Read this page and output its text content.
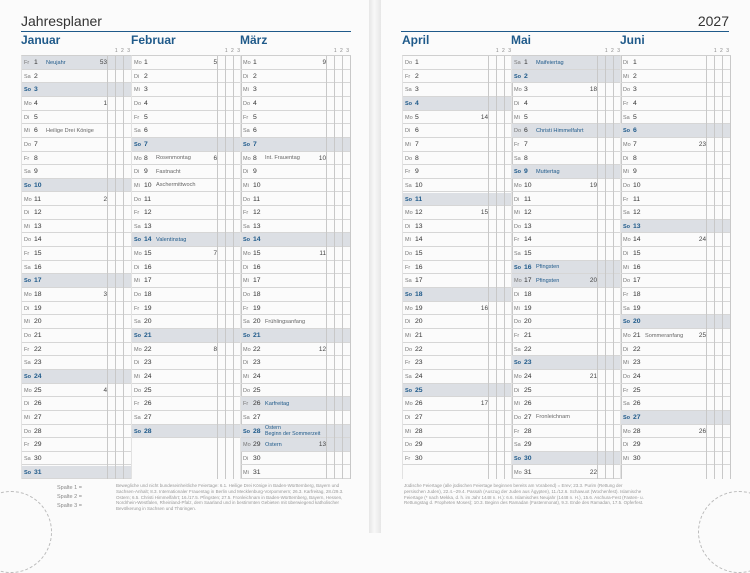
Jahresplaner	2027
Januar
1 2 3
Fr 1 Neujahr	53
Sa 2
So 3
Mo 4	1
Di 5
Mi 6 Heilige Drei Könige
Do 7
Fr 8
Sa 9
So 10
Mo 11	2
Di 12
Mi 13
Do 14
Fr 15
Sa 16
So 17
Mo 18	3
Di 19
Mi 20
Do 21
Fr 22
Sa 23
So 24
Mo 25	4
Di 26
Mi 27
Do 28
Fr 29
Sa 30
So 31
Februar
1 2 3
Mo 1	5
Di 2
Mi 3
Do 4
Fr 5
Sa 6
So 7
Mo 8 Rosenmontag	6
Di 9 Fastnacht
Mi 10 Aschermittwoch
Do 11
Fr 12
Sa 13
So 14 Valentinstag
Mo 15	7
Di 16
Mi 17
Do 18
Fr 19
Sa 20
So 21
Mo 22	8
Di 23
Mi 24
Do 25
Fr 26
Sa 27
So 28
März
1 2 3
Mo 1	9
Di 2
Mi 3
Do 4
Fr 5
Sa 6
So 7
Mo 8 Int. Frauentag	10
Di 9
Mi 10
Do 11
Fr 12
Sa 13
So 14
Mo 15	11
Di 16
Mi 17
Do 18
Fr 19
Sa 20 Frühlingsanfang
So 21
Mo 22	12
Di 23
Mi 24
Do 25
Fr 26 Karfreitag
Sa 27
So 28 Ostern
Beginn der Sommerzeit
Mo 29 Ostern	13
Di 30
Mi 31
April
1 2 3
Do 1
Fr 2
Sa 3
So 4
Mo 5	14
Di 6
Mi 7
Do 8
Fr 9
Sa 10
So 11
Mo 12	15
Di 13
Mi 14
Do 15
Fr 16
Sa 17
So 18
Mo 19	16
Di 20
Mi 21
Do 22
Fr 23
Sa 24
So 25
Mo 26	17
Di 27
Mi 28
Do 29
Fr 30
Mai
1 2 3
Sa 1 Maifeiertag
So 2
Mo 3	18
Di 4
Mi 5
Do 6 Christi Himmelfahrt
Fr 7
Sa 8
So 9 Muttertag
Mo 10	19
Di 11
Mi 12
Do 13
Fr 14
Sa 15
So 16 Pfingsten
Mo 17 Pfingsten	20
Di 18
Mi 19
Do 20
Fr 21
Sa 22
So 23
Mo 24	21
Di 25
Mi 26
Do 27 Fronleichnam
Fr 28
Sa 29
So 30
Mo 31	22
Juni
1 2 3
Di 1
Mi 2
Do 3
Fr 4
Sa 5
So 6
Mo 7	23
Di 8
Mi 9
Do 10
Fr 11
Sa 12
So 13
Mo 14	24
Di 15
Mi 16
Do 17
Fr 18
Sa 19
So 20
Mo 21 Sommeranfang 25
Di 22
Mi 23
Do 24
Fr 25
Sa 26
So 27
Mo 28	26
Di 29
Mi 30
Spalte 1 =
Spalte 2 =
Spalte 3 =
Bewegliche und nicht bundeseinheitliche Feiertage: 6.1. Heilige Drei Könige in Baden-Württemberg, Bayern und Sachsen-Anhalt; 8.3. Internationaler Frauentag in Berlin und Mecklenburg-Vorpommern; 26.3. Karfreitag, 28./29.3. Ostern; 6.5. Christi Himmelfahrt; 16./17.5. Pfingsten; 27.5. Fronleichnam in Baden-Württemberg, Bayern, Hessen, Nordrhein-Westfalen, Rheinland-Pfalz, dem Saarland und in bestimmten Gebieten mit überwiegend katholischer Bevölkerung in Sachsen und Thüringen.
Jüdische Feiertage (alle jüdischen Feiertage beginnen bereits am Vorabend) = Erev; 23.3. Purim (Rettung der persischen Juden), 22.4.–29.4. Passah (Auszug der Juden aus Ägypten), 11./12.6. Schawuot (Wochenfest). Islamische Feiertage (* nach Mekka, d. h. im Jahr 1448 n. H.): 6.6. Islamisches Neujahr (1448 n. H.), 15.6. Aschura-Fest (Fasten- u. Rettungstag d. Propheten Moses); 10.3. Beginn des Ramadan (Fastenmonat), 9.3. Ende des Ramadan, 17.5. Opferfest.
